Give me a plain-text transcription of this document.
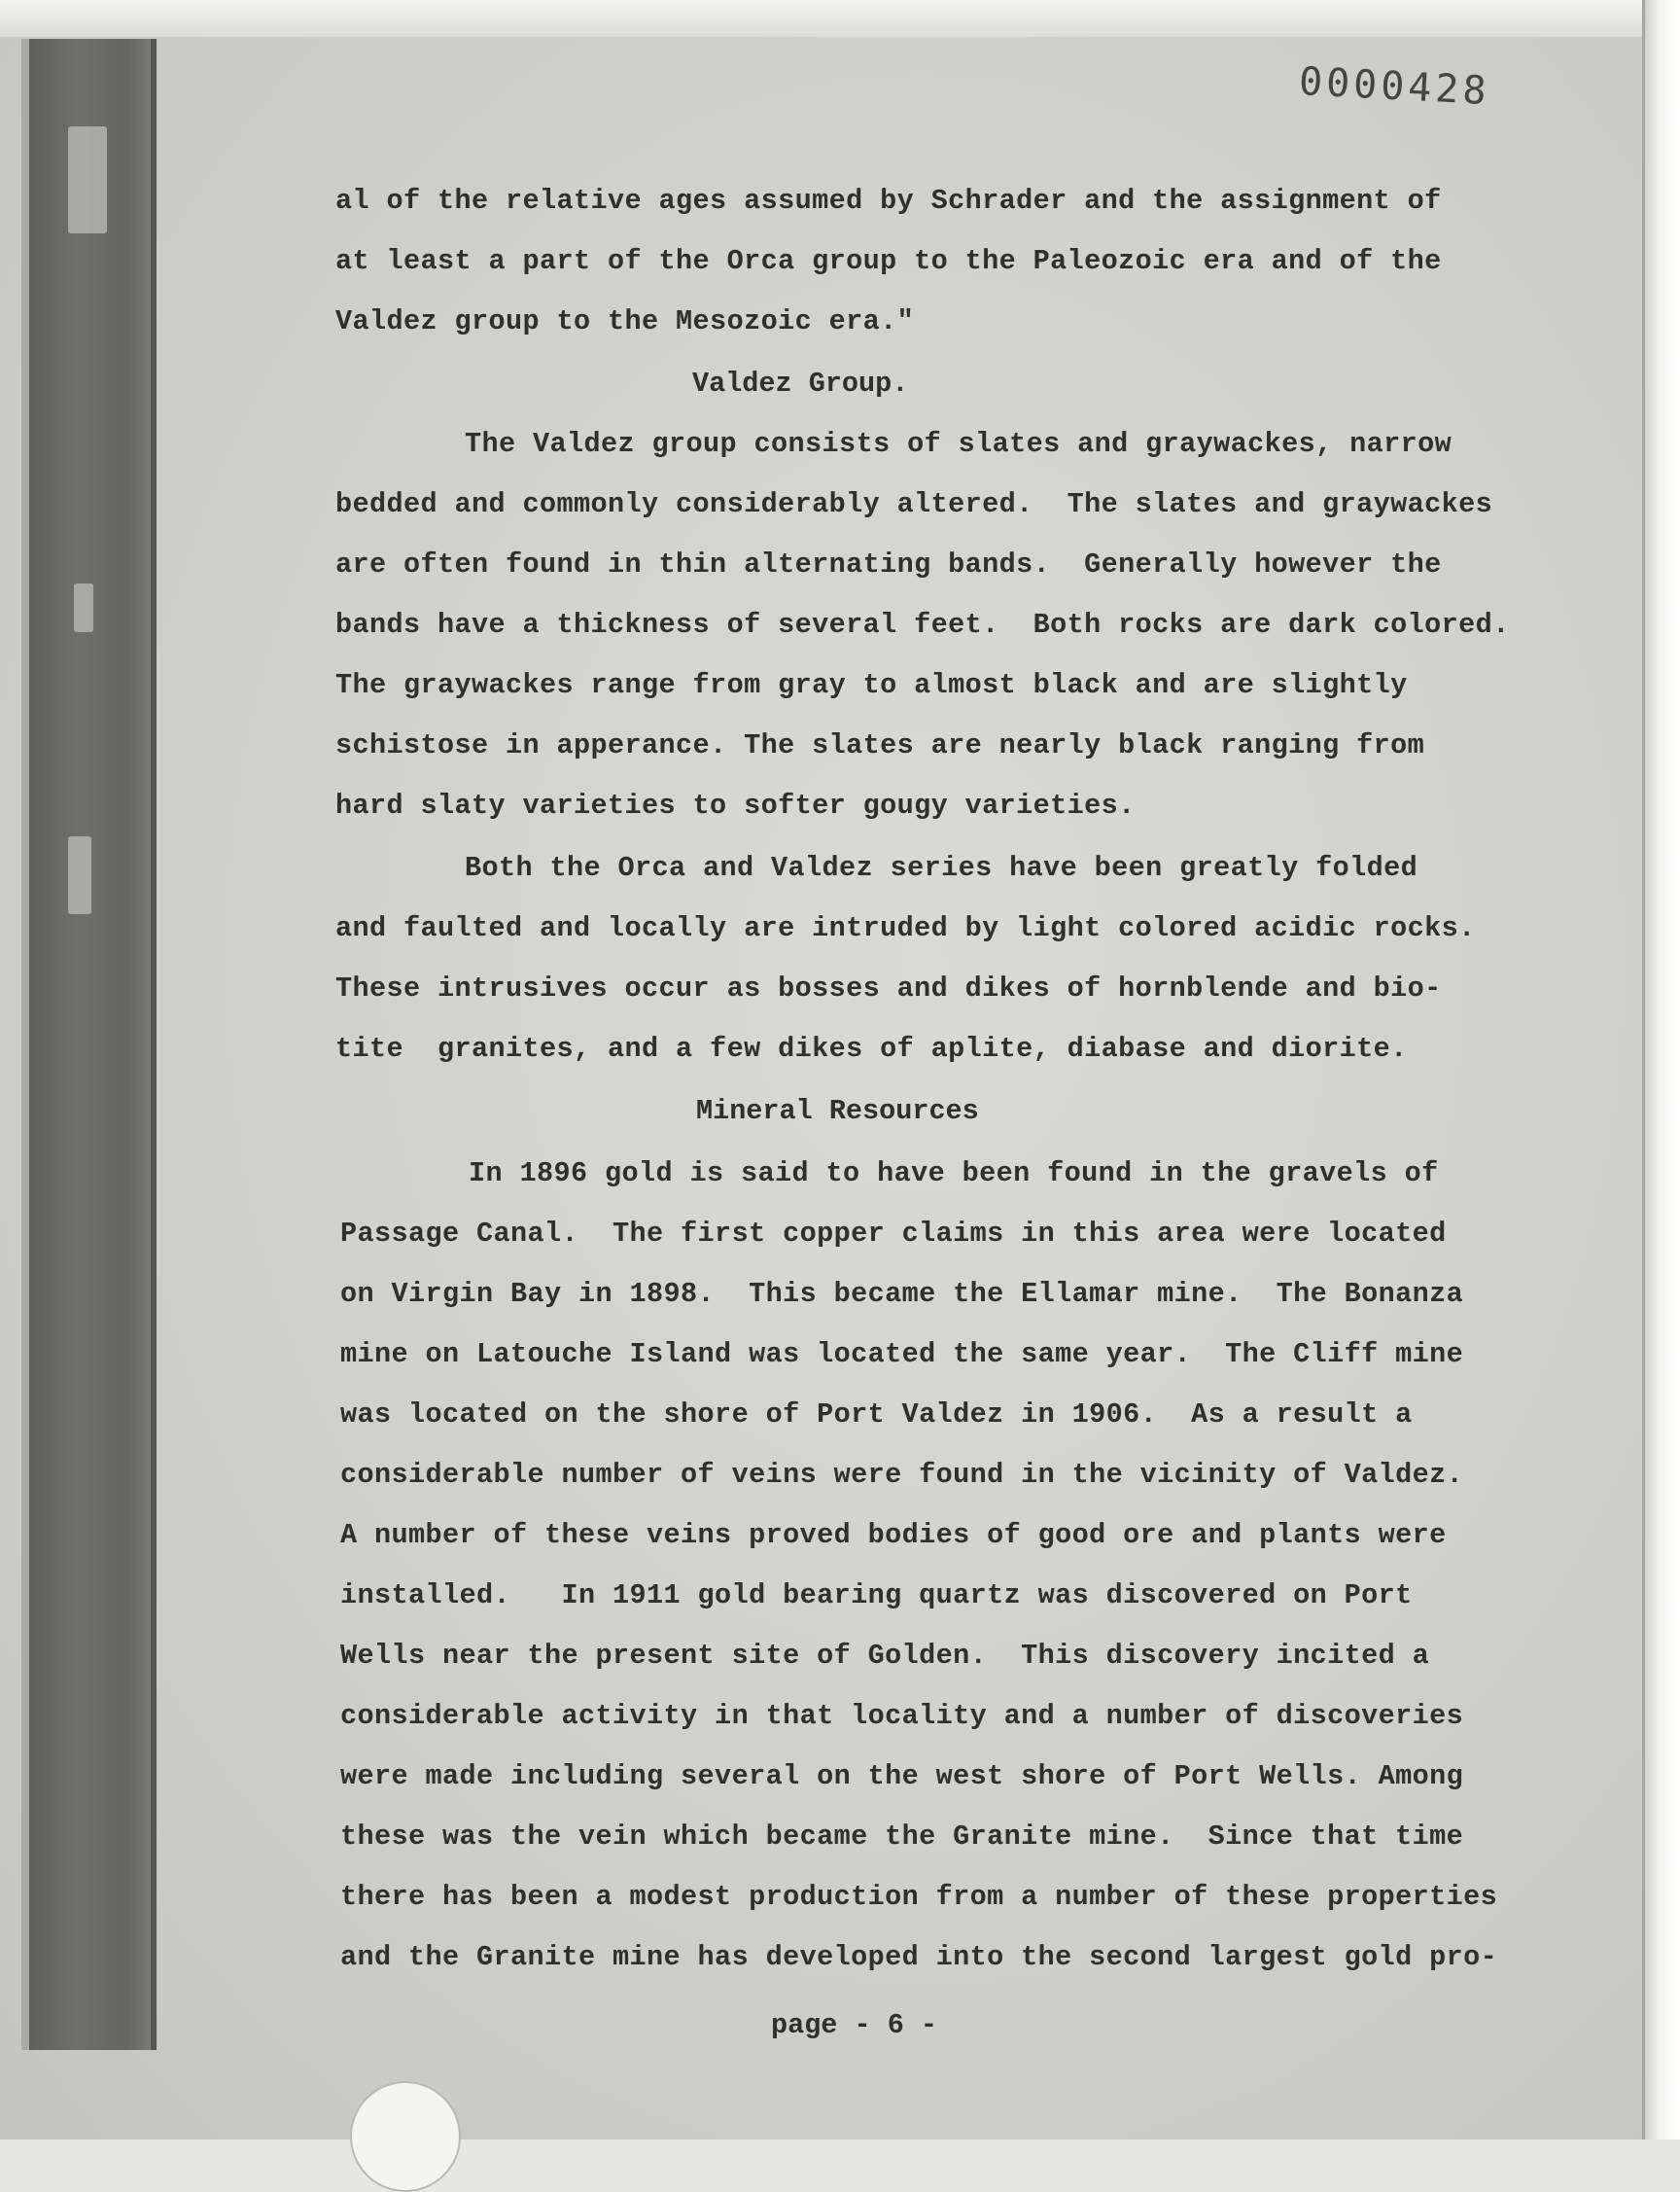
0000428
al of the relative ages assumed by Schrader and the assignment of
at least a part of the Orca group to the Paleozoic era and of the
Valdez group to the Mesozoic era."
Valdez Group.
The Valdez group consists of slates and graywackes, narrow
bedded and commonly considerably altered.  The slates and graywackes
are often found in thin alternating bands.  Generally however the
bands have a thickness of several feet.  Both rocks are dark colored.
The graywackes range from gray to almost black and are slightly
schistose in apperance. The slates are nearly black ranging from
hard slaty varieties to softer gougy varieties.
Both the Orca and Valdez series have been greatly folded
and faulted and locally are intruded by light colored acidic rocks.
These intrusives occur as bosses and dikes of hornblende and bio-
tite  granites, and a few dikes of aplite, diabase and diorite.
Mineral Resources
In 1896 gold is said to have been found in the gravels of
Passage Canal.  The first copper claims in this area were located
on Virgin Bay in 1898.  This became the Ellamar mine.  The Bonanza
mine on Latouche Island was located the same year.  The Cliff mine
was located on the shore of Port Valdez in 1906.  As a result a
considerable number of veins were found in the vicinity of Valdez.
A number of these veins proved bodies of good ore and plants were
installed.   In 1911 gold bearing quartz was discovered on Port
Wells near the present site of Golden.  This discovery incited a
considerable activity in that locality and a number of discoveries
were made including several on the west shore of Port Wells. Among
these was the vein which became the Granite mine.  Since that time
there has been a modest production from a number of these properties
and the Granite mine has developed into the second largest gold pro-
page - 6 -
